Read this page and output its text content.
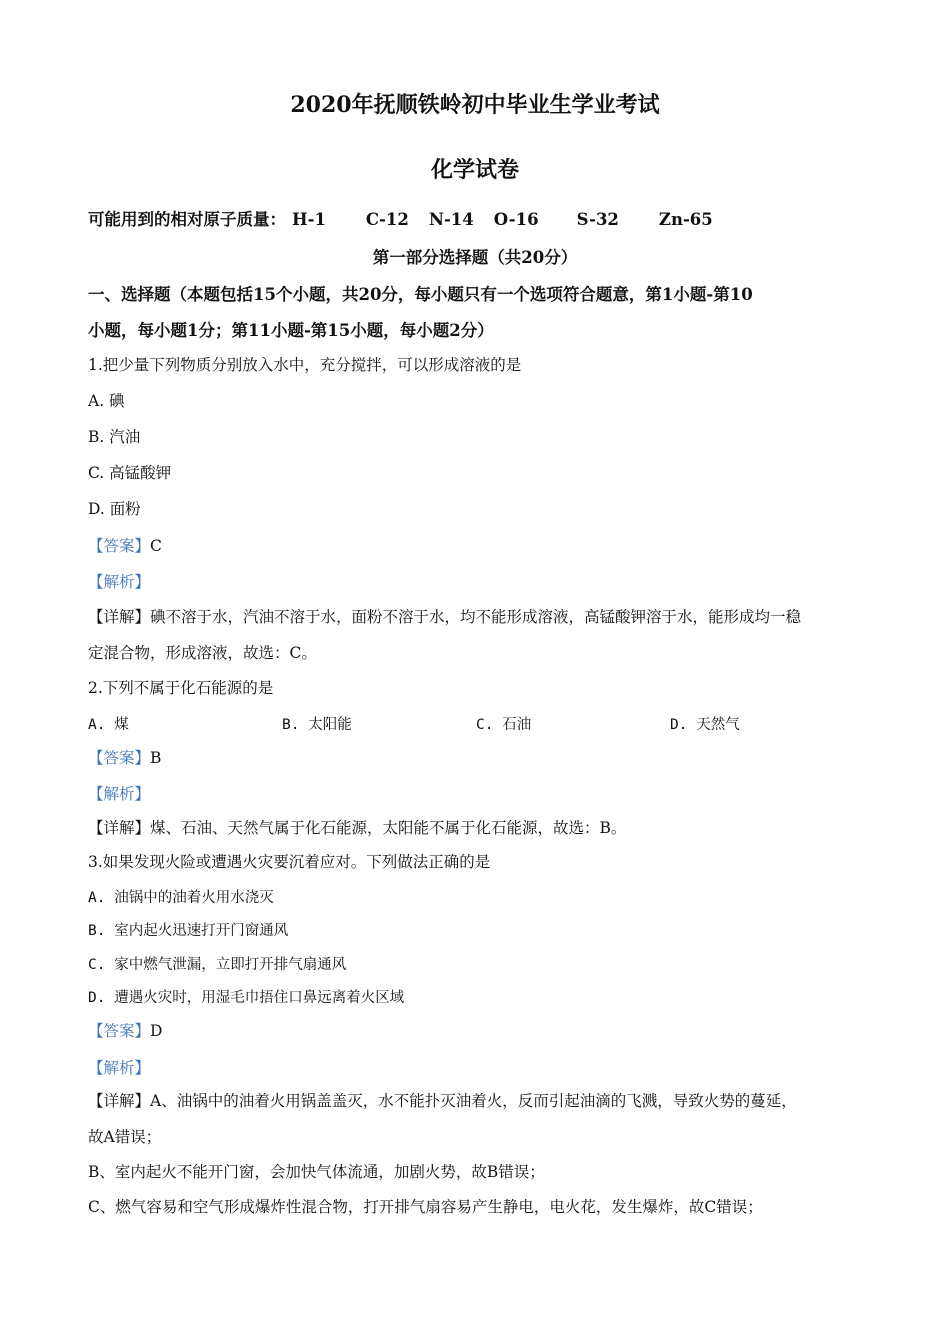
2020年抚顺铁岭初中毕业生学业考试
化学试卷
可能用到的相对原子质量： H-1 C-12 N-14 O-16 S-32 Zn-65
第一部分选择题（共20分）
一、选择题（本题包括15个小题，共20分，每小题只有一个选项符合题意，第1小题-第10
小题，每小题1分；第11小题-第15小题，每小题2分）
1.把少量下列物质分别放入水中，充分搅拌，可以形成溶液的是
A. 碘
B. 汽油
C. 高锰酸钾
D. 面粉
【答案】C
【解析】
【详解】碘不溶于水，汽油不溶于水，面粉不溶于水，均不能形成溶液，高锰酸钾溶于水，能形成均一稳
定混合物，形成溶液，故选：C。
2.下列不属于化石能源的是
A. 煤	B. 太阳能	C. 石油	D. 天然气
【答案】B
【解析】
【详解】煤、石油、天然气属于化石能源，太阳能不属于化石能源，故选：B。
3.如果发现火险或遭遇火灾要沉着应对。下列做法正确的是
A. 油锅中的油着火用水浇灭
B. 室内起火迅速打开门窗通风
C. 家中燃气泄漏，立即打开排气扇通风
D. 遭遇火灾时，用湿毛巾捂住口鼻远离着火区域
【答案】D
【解析】
【详解】A、油锅中的油着火用锅盖盖灭，水不能扑灭油着火，反而引起油滴的飞溅，导致火势的蔓延，
故A错误；
B、室内起火不能开门窗，会加快气体流通，加剧火势，故B错误；
C、燃气容易和空气形成爆炸性混合物，打开排气扇容易产生静电，电火花，发生爆炸，故C错误；
